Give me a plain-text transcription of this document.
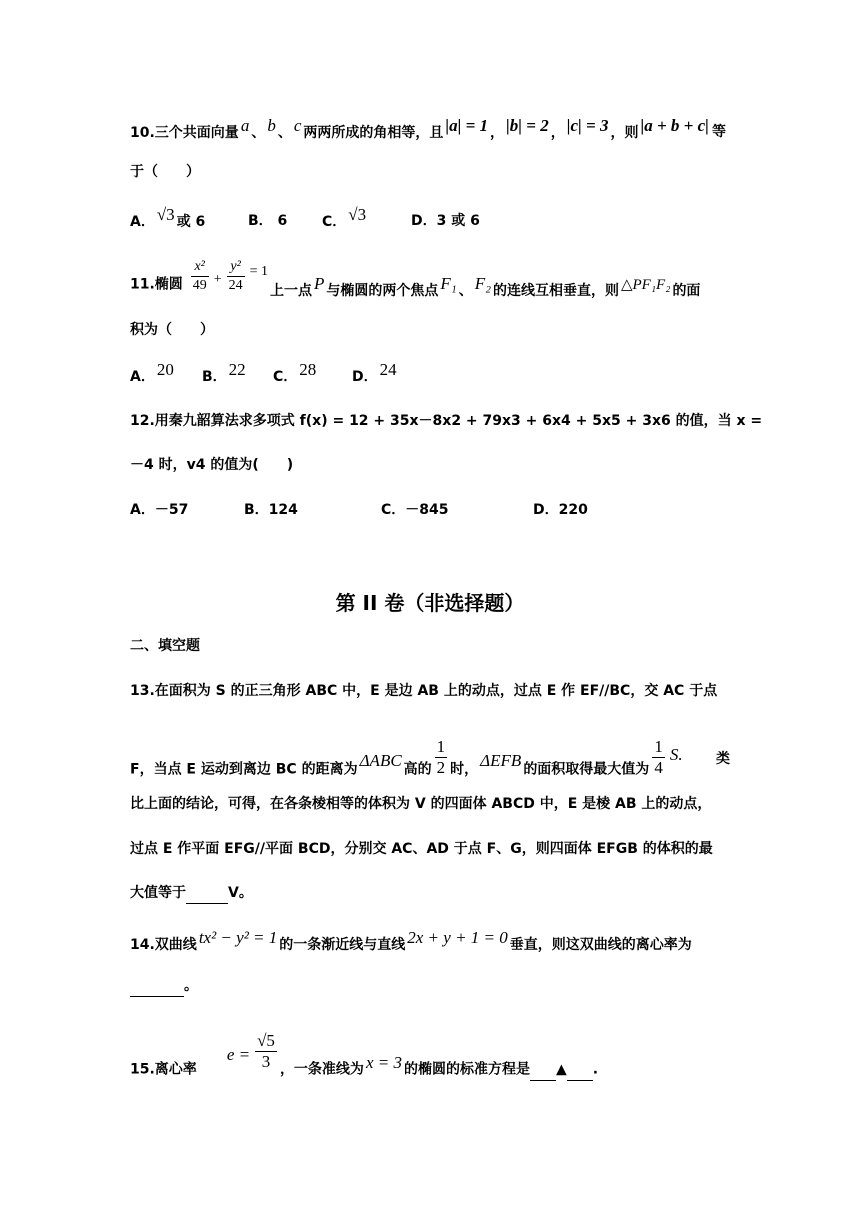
10.三个共面向量 a 、 b 、 c 两两所成的角相等，且 |a| = 1 ， |b| = 2 ， |c| = 3 ，则 |a + b + c| 等
于（　　）
A． √3 或 6	B． 6 C． √3	D．3 或 6
11.椭圆 $\frac{\text{x²}}{49} + \frac{\text{y²}}{24} = 1$
上一点 P 与椭圆的两个焦点 F₁ 、 F₂ 的连线互相垂直，则 △PF₁F₂ 的面
积为（　　）
A． 20 B． 22 C． 28	D． 24
12.用秦九韶算法求多项式 f(x) = 12 + 35x－8x2 + 79x3 + 6x4 + 5x5 + 3x6 的值，当 x =
－4 时，v4 的值为(　　)
A．－57	B．124	C．－845	D．220
第 II 卷（非选择题）
二、填空题
13.在面积为 S 的正三角形 ABC 中，E 是边 AB 上的动点，过点 E 作 EF//BC，交 AC 于点
F，当点 E 运动到离边 BC 的距离为 ΔABC 高的 $\frac{1}{2}$ 时， ΔEFB 的面积取得最大值为 $\frac{1}{4} S$. 类
比上面的结论，可得，在各条棱相等的体积为 V 的四面体 ABCD 中，E 是棱 AB 上的动点，
过点 E 作平面 EFG//平面 BCD，分别交 AC、AD 于点 F、G，则四面体 EFGB 的体积的最
大值等于	V。
14.双曲线 tx² − y² = 1 的一条渐近线与直线 2x + y + 1 = 0 垂直，则这双曲线的离心率为
。
15.离心率$e = \frac{√5}{3}$ ，一条准线为 x = 3 的椭圆的标准方程是 ▲ .
